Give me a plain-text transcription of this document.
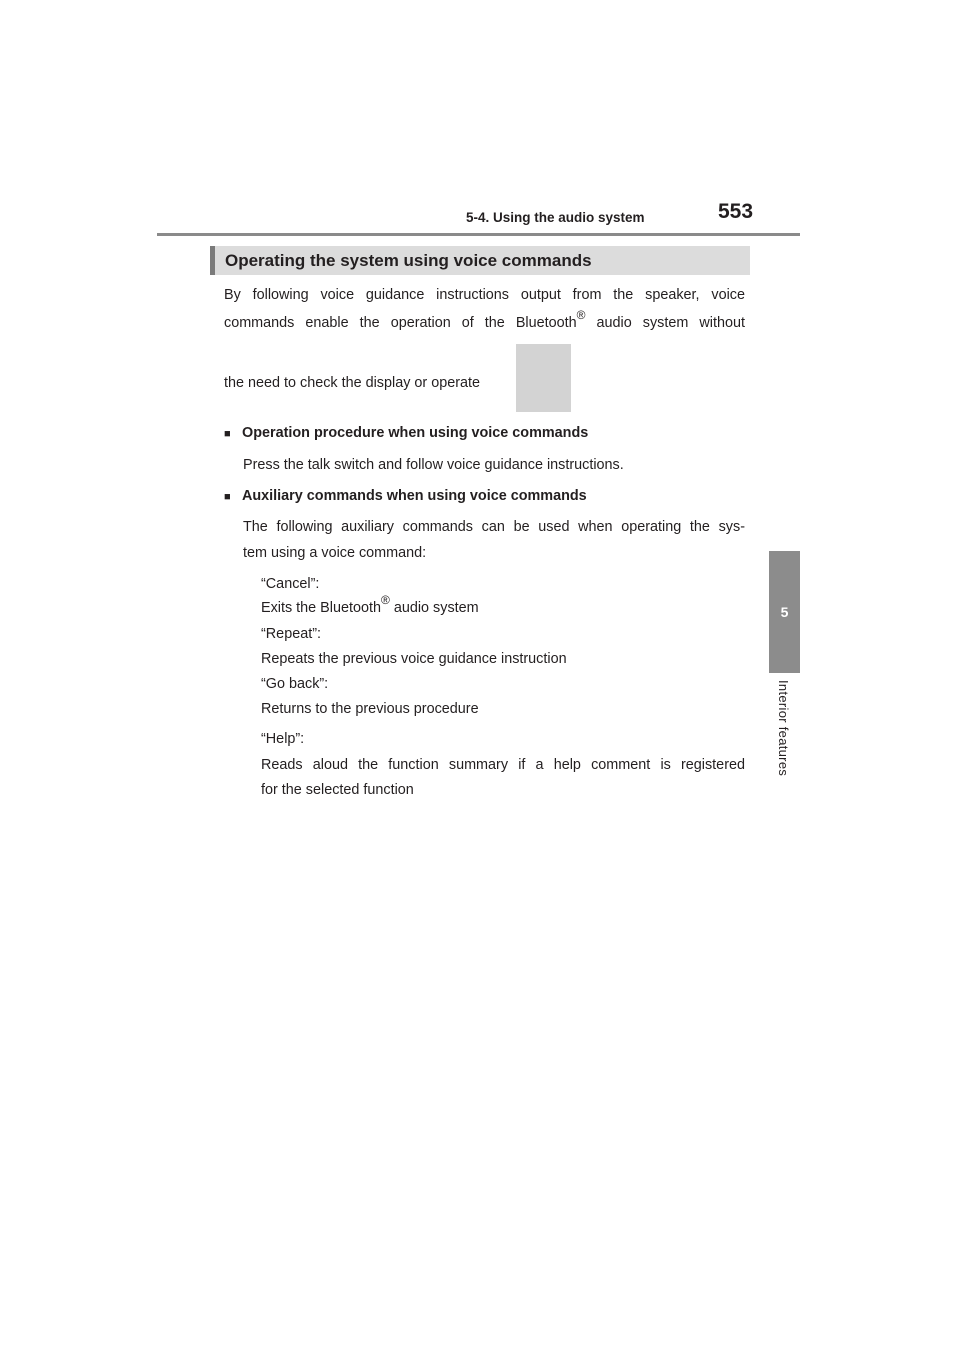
5-4. Using the audio system	553
5
Interior features
Operating the system using voice commands
By following voice guidance instructions output from the speaker, voice
commands enable the operation of the Bluetooth® audio system without
the need to check the display or operate
■ Operation procedure when using voice commands
Press the talk switch and follow voice guidance instructions.
■ Auxiliary commands when using voice commands
The following auxiliary commands can be used when operating the sys-
tem using a voice command:
“Cancel”:
Exits the Bluetooth® audio system
“Repeat”:
Repeats the previous voice guidance instruction
“Go back”:
Returns to the previous procedure
“Help”:
Reads aloud the function summary if a help comment is registered
for the selected function
